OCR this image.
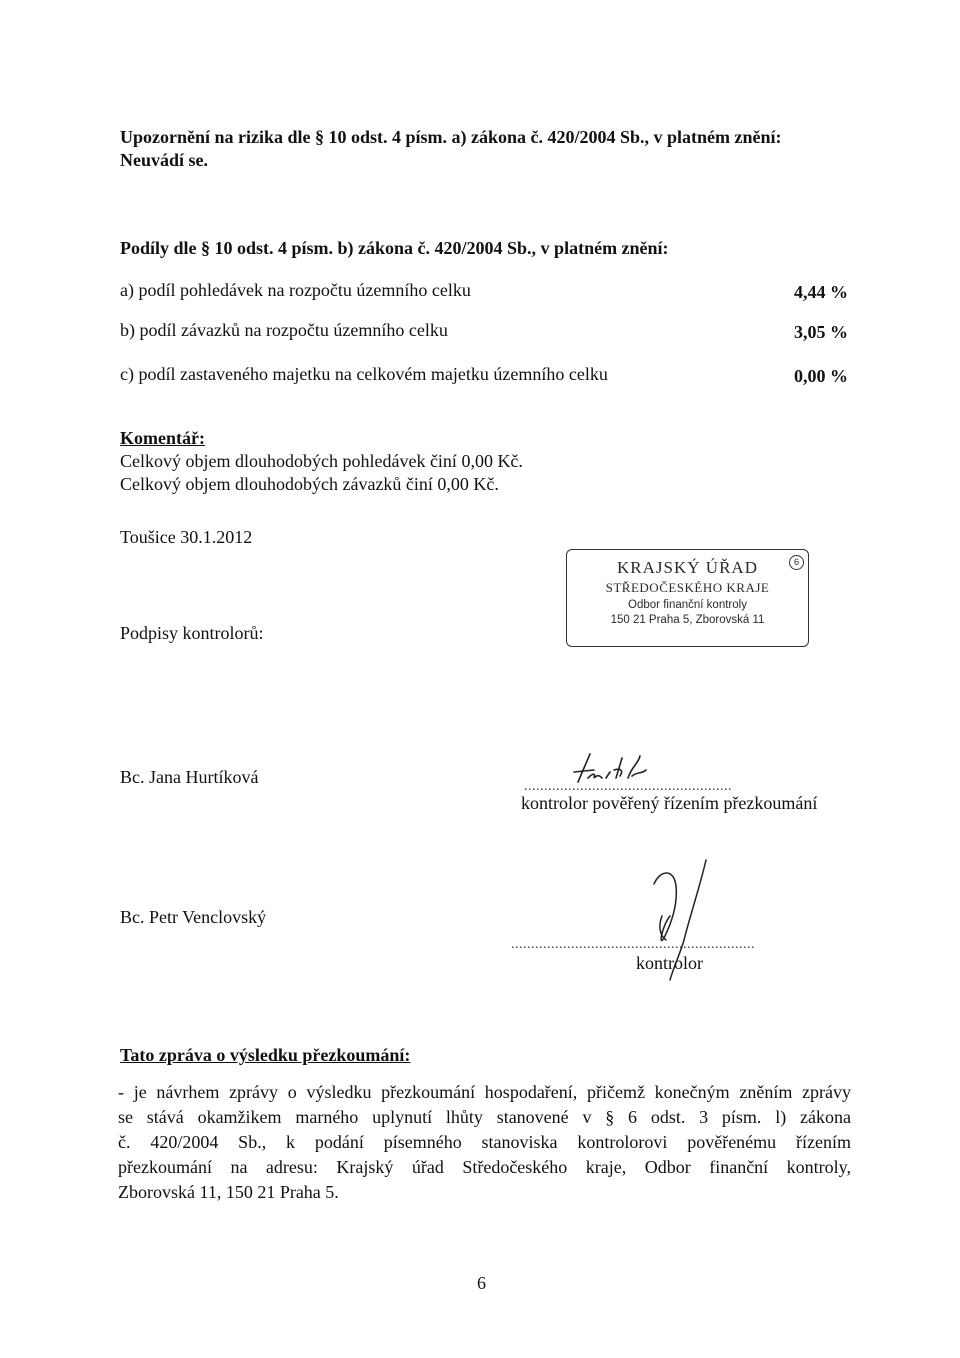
Upozornění na rizika dle § 10 odst. 4 písm. a) zákona č. 420/2004 Sb., v platném znění:
Neuvádí se.
Podíly dle § 10 odst. 4 písm. b) zákona č. 420/2004 Sb., v platném znění:
a) podíl pohledávek na rozpočtu územního celku	4,44 %
b) podíl závazků na rozpočtu územního celku	3,05 %
c) podíl zastaveného majetku na celkovém majetku územního celku	0,00 %
Komentář:
Celkový objem dlouhodobých pohledávek činí 0,00 Kč.
Celkový objem dlouhodobých závazků činí 0,00 Kč.
Toušice 30.1.2012
Podpisy kontrolorů:
KRAJSKÝ ÚŘAD
STŘEDOČESKÉHO KRAJE
Odbor finanční kontroly
150 21 Praha 5, Zborovská 11
6
Bc. Jana Hurtíková	....................................................
kontrolor pověřený řízením přezkoumání
Bc. Petr Venclovský
.............................................................
kontrolor
Tato zpráva o výsledku přezkoumání:
- je návrhem zprávy o výsledku přezkoumání hospodaření, přičemž konečným zněním zprávy
se stává okamžikem marného uplynutí lhůty stanovené v § 6 odst. 3 písm. l) zákona
č. 420/2004 Sb., k podání písemného stanoviska kontrolorovi pověřenému řízením
přezkoumání na adresu: Krajský úřad Středočeského kraje, Odbor finanční kontroly,
Zborovská 11, 150 21 Praha 5.
6
